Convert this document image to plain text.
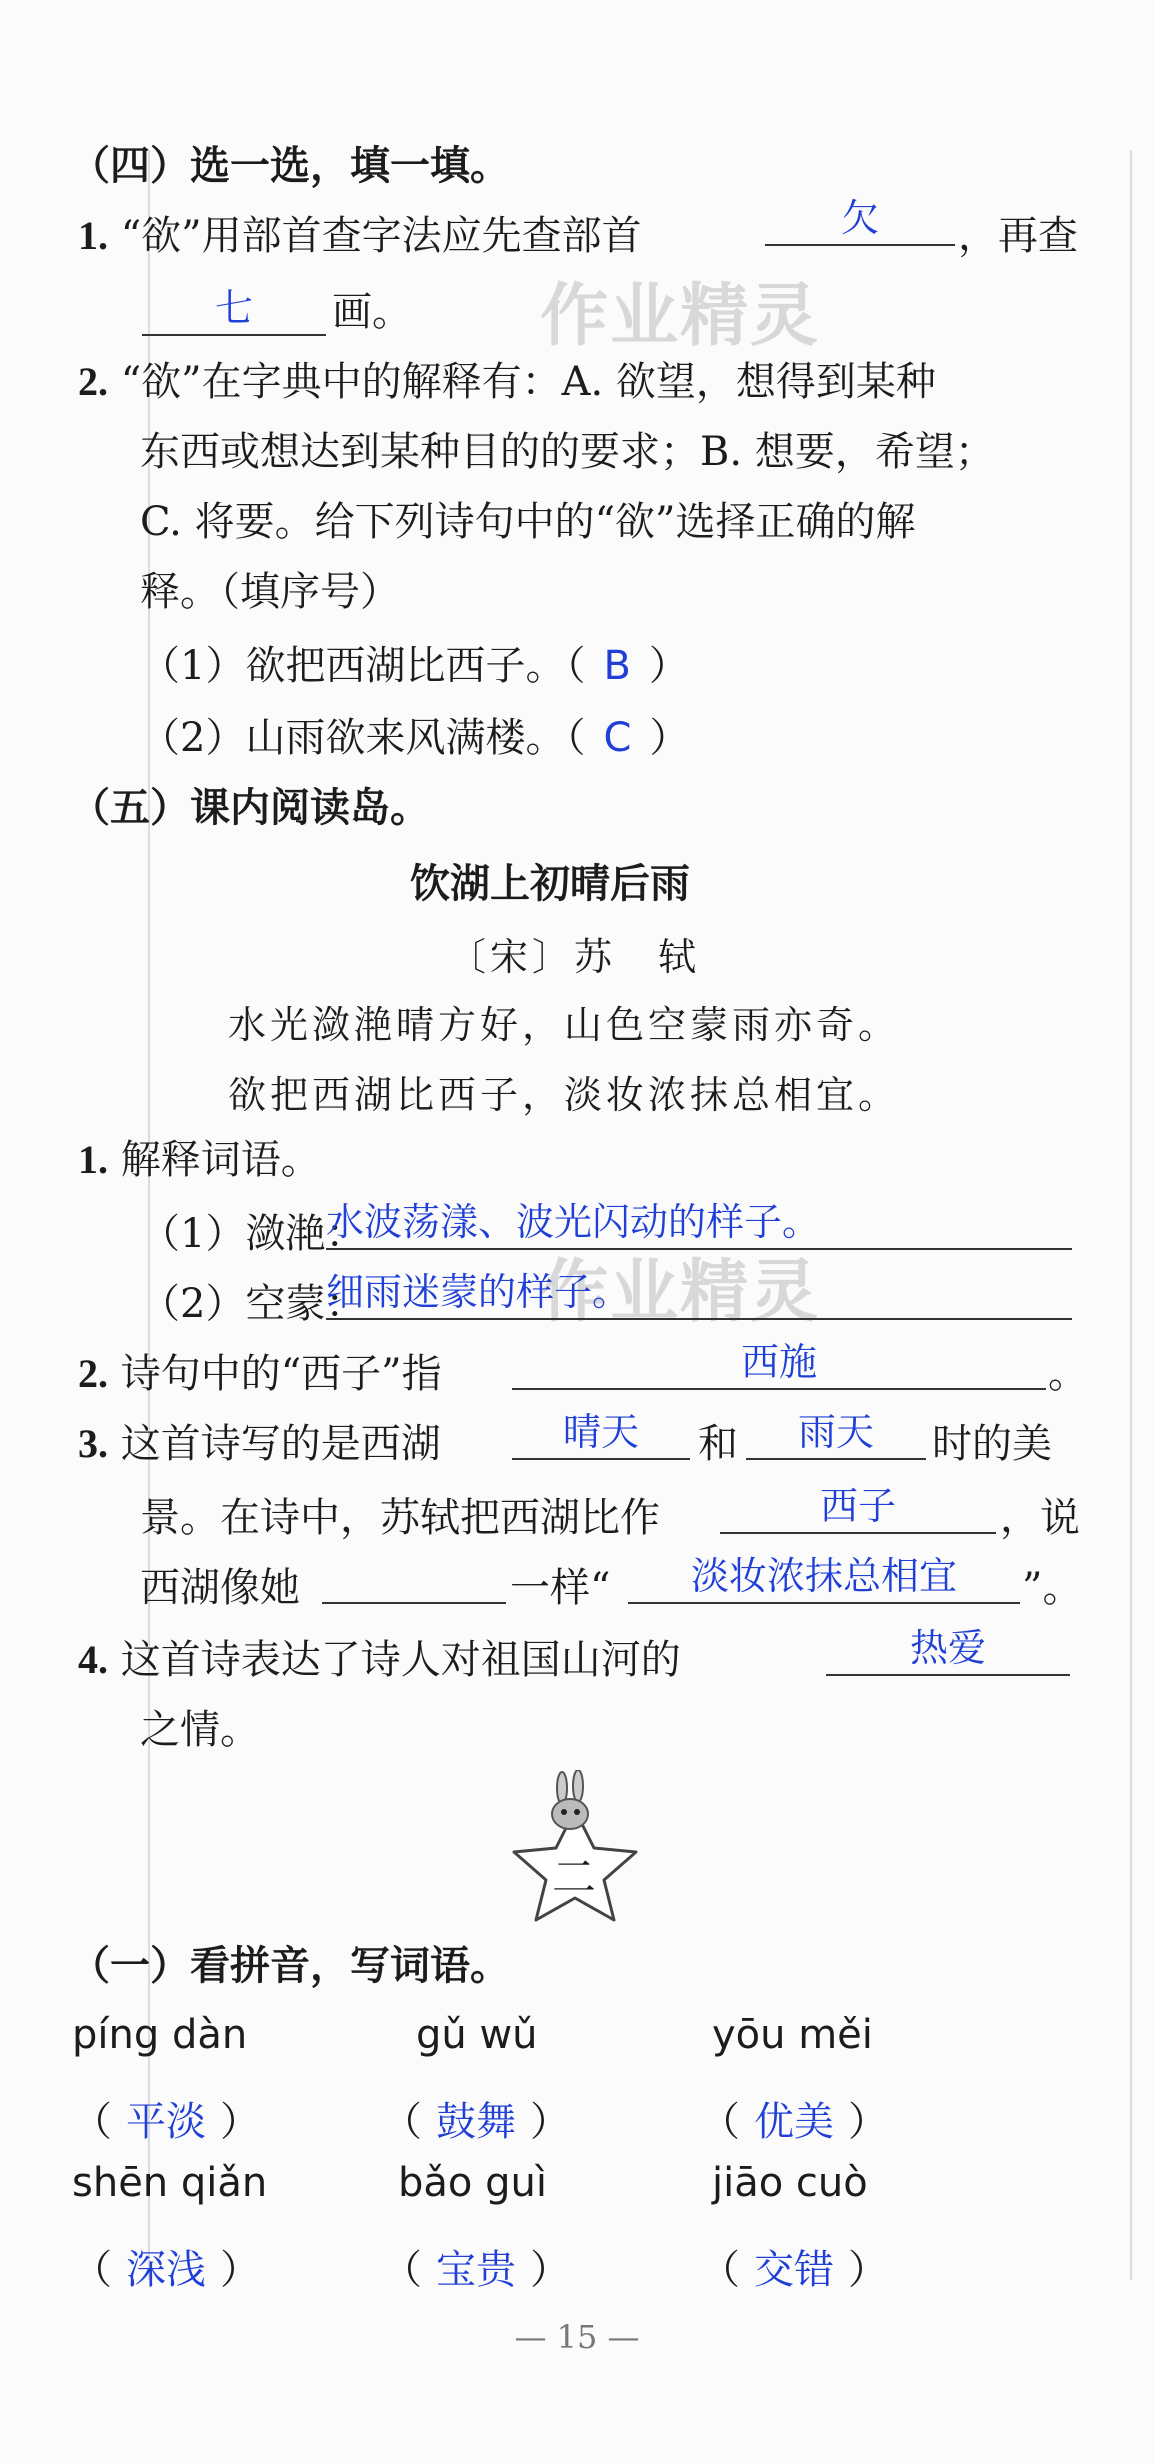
作业精灵
作业精灵
（四）选一选，填一填。
1. “欲”用部首查字法应先查部首	欠	，再查
七	画。
2. “欲”在字典中的解释有：A. 欲望，想得到某种
东西或想达到某种目的的要求；B. 想要，希望；
C. 将要。给下列诗句中的“欲”选择正确的解
释。（填序号）
（1）欲把西湖比西子。（ B ）
（2）山雨欲来风满楼。（ C ）
（五）课内阅读岛。
饮湖上初晴后雨
〔宋〕苏　轼
水光潋滟晴方好，山色空蒙雨亦奇。
欲把西湖比西子，淡妆浓抹总相宜。
1. 解释词语。
（1）潋滟：
水波荡漾、波光闪动的样子。
（2）空蒙：
细雨迷蒙的样子。
2. 诗句中的“西子”指	西施	。
3. 这首诗写的是西湖	晴天	和	雨天	时的美
景。在诗中，苏轼把西湖比作	西子	，说
西湖像她	一样“	淡妆浓抹总相宜	”。
4. 这首诗表达了诗人对祖国山河的	热爱
之情。
二
（一）看拼音，写词语。
píng dàn	gǔ wǔ	yōu měi
（ 平淡 ）	（ 鼓舞 ）	（ 优美 ）
shēn qiǎn	bǎo guì	jiāo cuò
（ 深浅 ）	（ 宝贵 ）	（ 交错 ）
— 15 —
